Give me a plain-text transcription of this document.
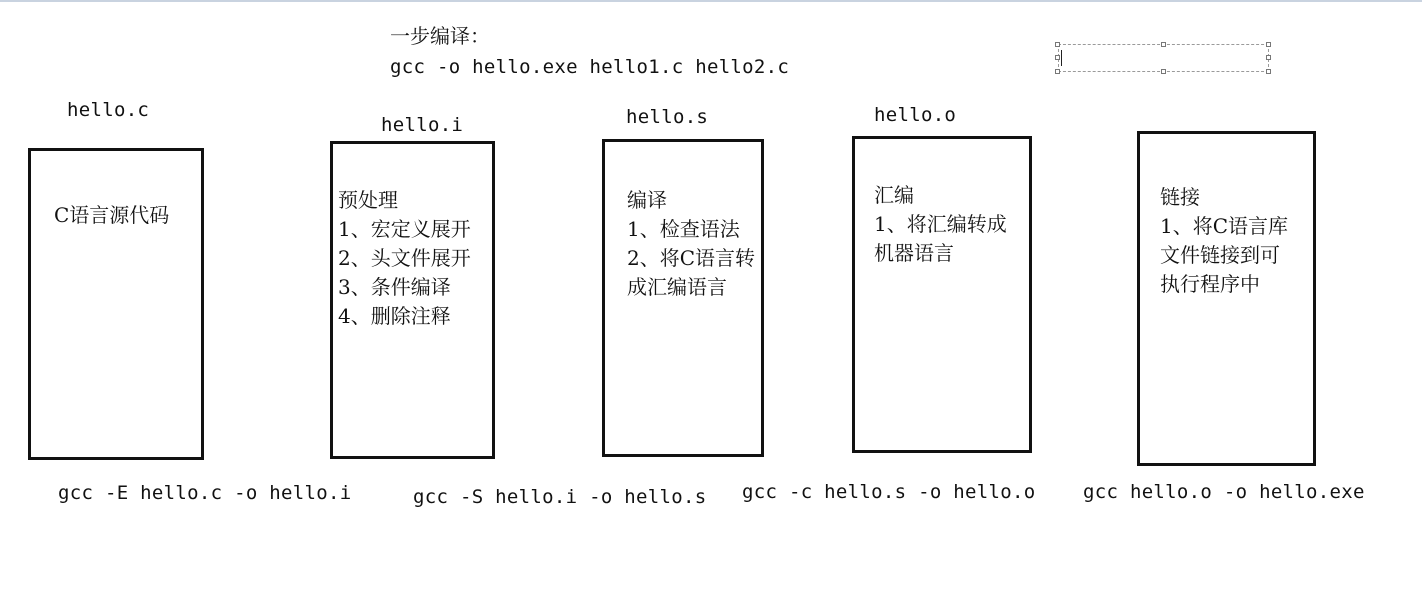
一步编译：
gcc -o hello.exe hello1.c hello2.c
hello.c
hello.i	hello.s	hello.o
C语言源代码
预处理
1、宏定义展开
2、头文件展开
3、条件编译
4、删除注释
编译
1、检查语法
2、将C语言转
成汇编语言
汇编
1、将汇编转成
机器语言
链接
1、将C语言库
文件链接到可
执行程序中
gcc -E hello.c -o hello.i	gcc -S hello.i -o hello.s gcc -c hello.s -o hello.o	gcc hello.o -o hello.exe
